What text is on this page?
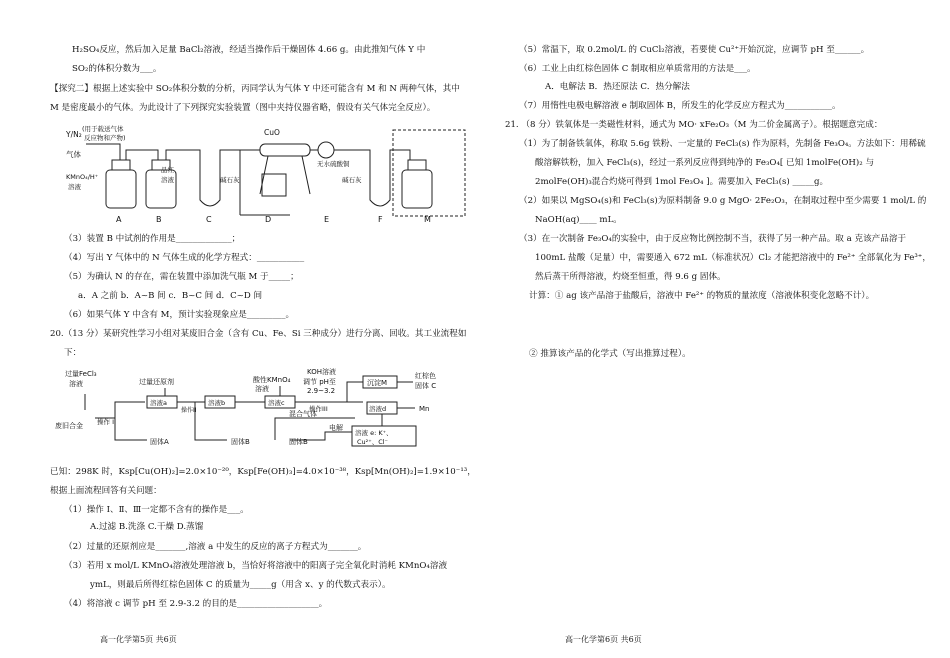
H₂SO₄反应，然后加入足量 BaCl₂溶液，经适当操作后干燥固体 4.66 g。由此推知气体 Y 中
SO₂的体积分数为___。
【探究二】根据上述实验中 SO₂体积分数的分析，丙同学认为气体 Y 中还可能含有 M 和 N 两种气体，其中
M 是密度最小的气体。为此设计了下列探究实验装置（图中夹持仪器省略，假设有关气体完全反应）。
Y/N₂
气体
(用于载送气体
反应物和产物)
KMnO₄/H⁺
溶液
品红
溶液	碱石灰
CuO
无水硫酸铜
碱石灰
A	B	C	D	E	F	M
（3）装置 B 中试剂的作用是_____________；
（4）写出 Y 气体中的 N 气体生成的化学方程式：___________
（5）为确认 N 的存在，需在装置中添加洗气瓶 M 于_____；
a．A 之前 b．A~B 间 c．B~C 间 d．C~D 间
（6）如果气体 Y 中含有 M，预计实验现象应是_________。
20.（13 分）某研究性学习小组对某废旧合金（含有 Cu、Fe、Si 三种成分）进行分离、回收。其工业流程如
下：
过量FeCl₃
溶液
废旧合金 操作 I
过量还原剂
溶液a
固体A
操作II
溶液b
固体B
酸性KMnO₄
溶液
溶液c
KOH溶液
调节 pH至
2.9~3.2
操作III
沉淀M
红棕色
固体 C
溶液d	Mn
混合气体
固体B
电解
溶液 e: K⁺、
Cu²⁺、Cl⁻
已知：298K 时，Ksp[Cu(OH)₂]=2.0×10⁻²⁰，Ksp[Fe(OH)₃]=4.0×10⁻³⁸，Ksp[Mn(OH)₂]=1.9×10⁻¹³，
根据上面流程回答有关问题：
（1）操作 Ⅰ、Ⅱ、Ⅲ一定都不含有的操作是___。
A.过滤 B.洗涤 C.干燥 D.蒸馏
（2）过量的还原剂应是_______,溶液 a 中发生的反应的离子方程式为_______。
（3）若用 x mol/L KMnO₄溶液处理溶液 b，当恰好将溶液中的阳离子完全氧化时消耗 KMnO₄溶液
ymL，则最后所得红棕色固体 C 的质量为_____g（用含 x、y 的代数式表示）。
（4）将溶液 c 调节 pH 至 2.9-3.2 的目的是___________________。
高一化学第5页 共6页
（5）常温下，取 0.2mol/L 的 CuCl₂溶液，若要使 Cu²⁺开始沉淀，应调节 pH 至______。
（6）工业上由红棕色固体 C 制取相应单质常用的方法是___。
A．电解法 B．热还原法 C．热分解法
（7）用惰性电极电解溶液 e 制取固体 B，所发生的化学反应方程式为___________。
21. （8 分）铁氧体是一类磁性材料，通式为 MO· xFe₂O₃（M 为二价金属离子）。根据题意完成：
（1）为了制备铁氧体，称取 5.6g 铁粉、一定量的 FeCl₃(s) 作为原料，先制备 Fe₃O₄。方法如下：用稀硫
酸溶解铁粉，加入 FeCl₃(s)，经过一系列反应得到纯净的 Fe₃O₄[ 已知 1molFe(OH)₂ 与
2molFe(OH)₃混合灼烧可得到 1mol Fe₃O₄ ]。需要加入 FeCl₃(s) _____g。
（2）如果以 MgSO₄(s)和 FeCl₃(s)为原料制备 9.0 g MgO· 2Fe₂O₃，在制取过程中至少需要 1 mol/L 的
NaOH(aq)____ mL。
（3）在一次制备 Fe₃O₄的实验中，由于反应物比例控制不当，获得了另一种产品。取 a 克该产品溶于
100mL 盐酸（足量）中，需要通入 672 mL（标准状况）Cl₂ 才能把溶液中的 Fe²⁺ 全部氧化为 Fe³⁺，
然后蒸干所得溶液，灼烧至恒重，得 9.6 g 固体。
计算：① ag 该产品溶于盐酸后，溶液中 Fe²⁺ 的物质的量浓度（溶液体积变化忽略不计）。
② 推算该产品的化学式（写出推算过程）。
高一化学第6页 共6页
